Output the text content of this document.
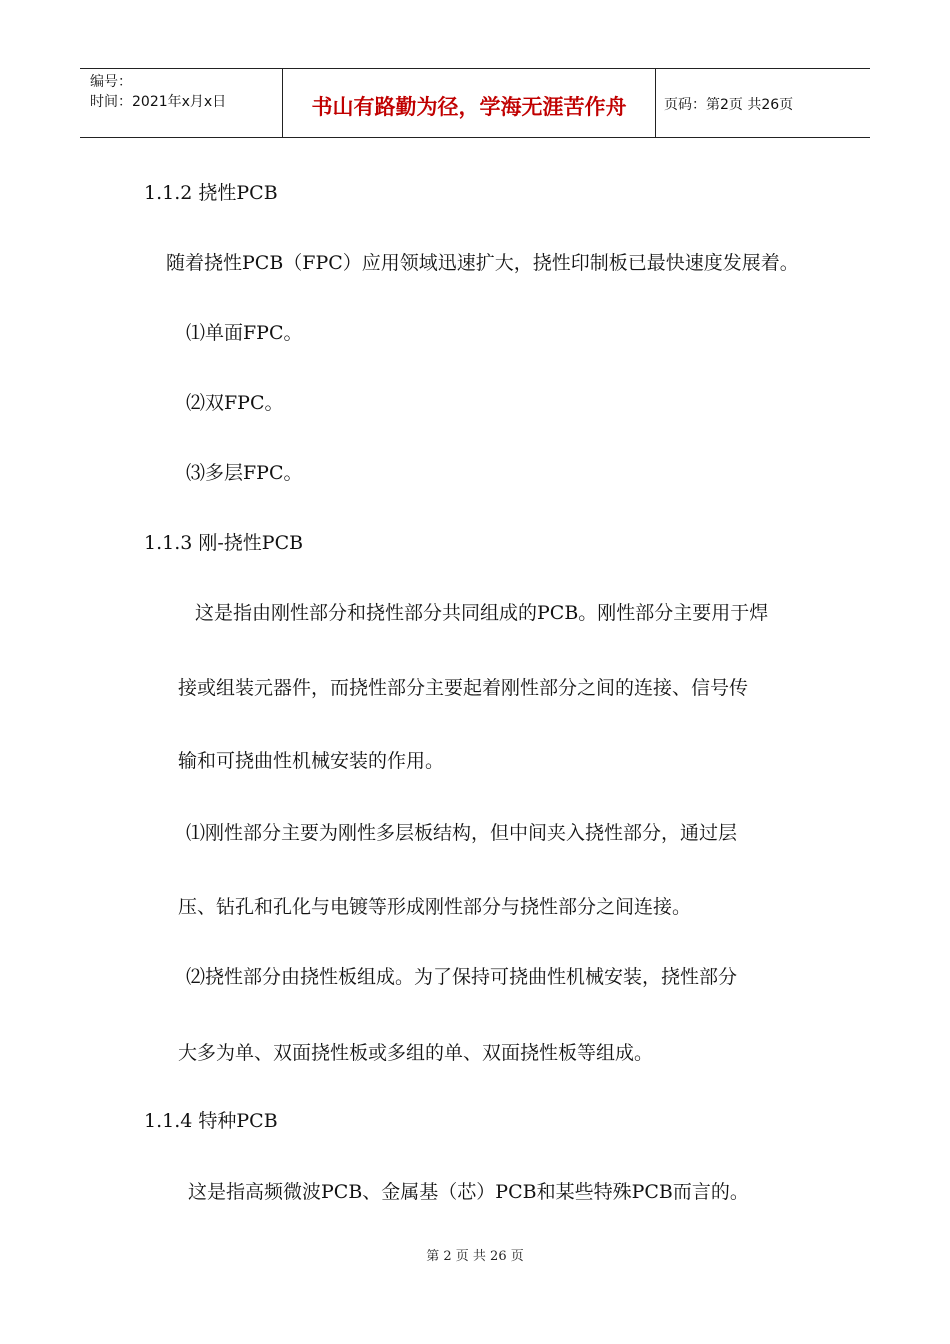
编号：
时间：2021年x月x日	书山有路勤为径，学海无涯苦作舟	页码：第2页 共26页
1.1.2 挠性PCB
随着挠性PCB（FPC）应用领域迅速扩大，挠性印制板已最快速度发展着。
⑴单面FPC。
⑵双FPC。
⑶多层FPC。
1.1.3 刚-挠性PCB
这是指由刚性部分和挠性部分共同组成的PCB。刚性部分主要用于焊
接或组装元器件，而挠性部分主要起着刚性部分之间的连接、信号传
输和可挠曲性机械安装的作用。
⑴刚性部分主要为刚性多层板结构，但中间夹入挠性部分，通过层
压、钻孔和孔化与电镀等形成刚性部分与挠性部分之间连接。
⑵挠性部分由挠性板组成。为了保持可挠曲性机械安装，挠性部分
大多为单、双面挠性板或多组的单、双面挠性板等组成。
1.1.4 特种PCB
这是指高频微波PCB、金属基（芯）PCB和某些特殊PCB而言的。
第 2 页 共 26 页
